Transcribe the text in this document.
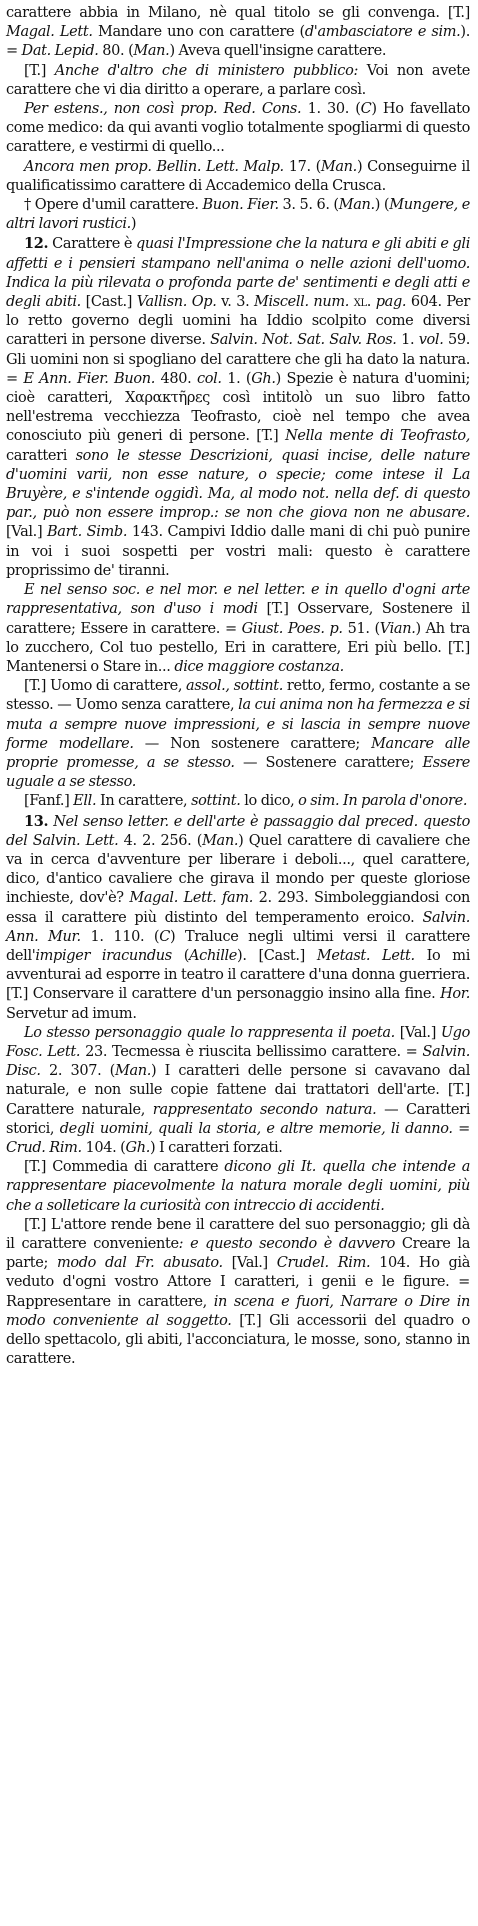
carattere abbia in Milano, nè qual titolo se gli convenga. [T.] Magal. Lett. Mandare uno con carattere (d'ambasciatore e sim.). = Dat. Lepid. 80. (Man.) Aveva quell'insigne carattere.

[T.] Anche d'altro che di ministero pubblico: Voi non avete carattere che vi dia diritto a operare, a parlare così.

Per estens., non così prop. Red. Cons. 1. 30. (C) Ho favellato come medico: da qui avanti voglio totalmente spogliarmi di questo carattere, e vestirmi di quello...

Ancora men prop. Bellin. Lett. Malp. 17. (Man.) Conseguirne il qualificatissimo carattere di Accademico della Crusca.

† Opere d'umil carattere. Buon. Fier. 3. 5. 6. (Man.) (Mungere, e altri lavori rustici.)

12. Carattere è quasi l'Impressione che la natura e gli abiti e gli affetti e i pensieri stampano nell'anima o nelle azioni dell'uomo. Indica la più rilevata o profonda parte de' sentimenti e degli atti e degli abiti. [Cast.] Vallisn. Op. v. 3. Miscell. num. xl. pag. 604. Per lo retto governo degli uomini ha Iddio scolpito come diversi caratteri in persone diverse. Salvin. Not. Sat. Salv. Ros. 1. vol. 59. Gli uomini non si spogliano del carattere che gli ha dato la natura. = E Ann. Fier. Buon. 480. col. 1. (Gh.) Spezie è natura d'uomini; cioè caratteri, Χαρακτῆρες così intitolò un suo libro fatto nell'estrema vecchiezza Teofrasto, cioè nel tempo che avea conosciuto più generi di persone. [T.] Nella mente di Teofrasto, caratteri sono le stesse Descrizioni, quasi incise, delle nature d'uomini varii, non esse nature, o specie; come intese il La Bruyère, e s'intende oggidì. Ma, al modo not. nella def. di questo par., può non essere improp.: se non che giova non ne abusare. [Val.] Bart. Simb. 143. Campivi Iddio dalle mani di chi può punire in voi i suoi sospetti per vostri mali: questo è carattere proprissimo de' tiranni.

E nel senso soc. e nel mor. e nel letter. e in quello d'ogni arte rappresentativa, son d'uso i modi [T.] Osservare, Sostenere il carattere; Essere in carattere. = Giust. Poes. p. 51. (Vian.) Ah tra lo zucchero, Col tuo pestello, Eri in carattere, Eri più bello. [T.] Mantenersi o Stare in... dice maggiore costanza.

[T.] Uomo di carattere, assol., sottint. retto, fermo, costante a se stesso. — Uomo senza carattere, la cui anima non ha fermezza e si muta a sempre nuove impressioni, e si lascia in sempre nuove forme modellare. — Non sostenere carattere; Mancare alle proprie promesse, a se stesso. — Sostenere carattere; Essere uguale a se stesso.

[Fanf.] Ell. In carattere, sottint. lo dico, o sim. In parola d'onore.

13. Nel senso letter. e dell'arte è passaggio dal preced. questo del Salvin. Lett. 4. 2. 256. (Man.) Quel carattere di cavaliere che va in cerca d'avventure per liberare i deboli..., quel carattere, dico, d'antico cavaliere che girava il mondo per queste gloriose inchieste, dov'è? Magal. Lett. fam. 2. 293. Simboleggiandosi con essa il carattere più distinto del temperamento eroico. Salvin. Ann. Mur. 1. 110. (C) Traluce negli ultimi versi il carattere dell'impiger iracundus (Achille). [Cast.] Metast. Lett. Io mi avventurai ad esporre in teatro il carattere d'una donna guerriera. [T.] Conservare il carattere d'un personaggio insino alla fine. Hor. Servetur ad imum.

Lo stesso personaggio quale lo rappresenta il poeta. [Val.] Ugo Fosc. Lett. 23. Tecmessa è riuscita bellissimo carattere. = Salvin. Disc. 2. 307. (Man.) I caratteri delle persone si cavavano dal naturale, e non sulle copie fattene dai trattatori dell'arte. [T.] Carattere naturale, rappresentato secondo natura. — Caratteri storici, degli uomini, quali la storia, e altre memorie, li danno. = Crud. Rim. 104. (Gh.) I caratteri forzati.

[T.] Commedia di carattere dicono gli It. quella che intende a rappresentare piacevolmente la natura morale degli uomini, più che a solleticare la curiosità con intreccio di accidenti.

[T.] L'attore rende bene il carattere del suo personaggio; gli dà il carattere conveniente: e questo secondo è davvero Creare la parte; modo dal Fr. abusato. [Val.] Crudel. Rim. 104. Ho già veduto d'ogni vostro Attore I caratteri, i genii e le figure. = Rappresentare in carattere, in scena e fuori, Narrare o Dire in modo conveniente al soggetto. [T.] Gli accessorii del quadro o dello spettacolo, gli abiti, l'acconciatura, le mosse, sono, stanno in carattere.
